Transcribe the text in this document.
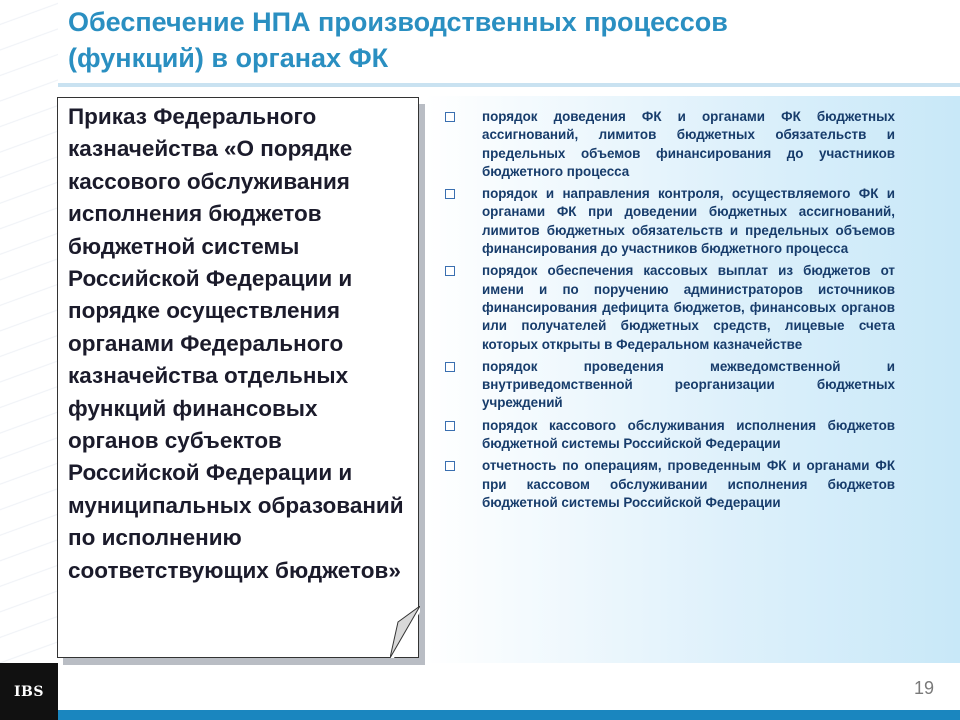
Обеспечение НПА производственных процессов
(функций) в органах ФК
Приказ Федерального казначейства «О порядке кассового обслуживания исполнения бюджетов бюджетной системы Российской Федерации и порядке осуществления органами Федерального казначейства отдельных функций финансовых органов субъектов Российской Федерации и муниципальных образований по исполнению соответствующих бюджетов»
порядок доведения ФК и органами ФК бюджетных ассигнований, лимитов бюджетных обязательств и предельных объемов финансирования до участников бюджетного процесса
порядок и направления контроля, осуществляемого ФК и органами ФК при доведении бюджетных ассигнований, лимитов бюджетных обязательств и предельных объемов финансирования до участников бюджетного процесса
порядок обеспечения кассовых выплат из бюджетов от имени и по поручению администраторов источников финансирования дефицита бюджетов, финансовых органов или получателей бюджетных средств, лицевые счета которых открыты в Федеральном казначействе
порядок проведения межведомственной и внутриведомственной реорганизации бюджетных учреждений
порядок кассового обслуживания исполнения бюджетов бюджетной системы Российской Федерации
отчетность по операциям, проведенным ФК и органами ФК при кассовом обслуживании исполнения бюджетов бюджетной системы Российской Федерации
IBS	19
